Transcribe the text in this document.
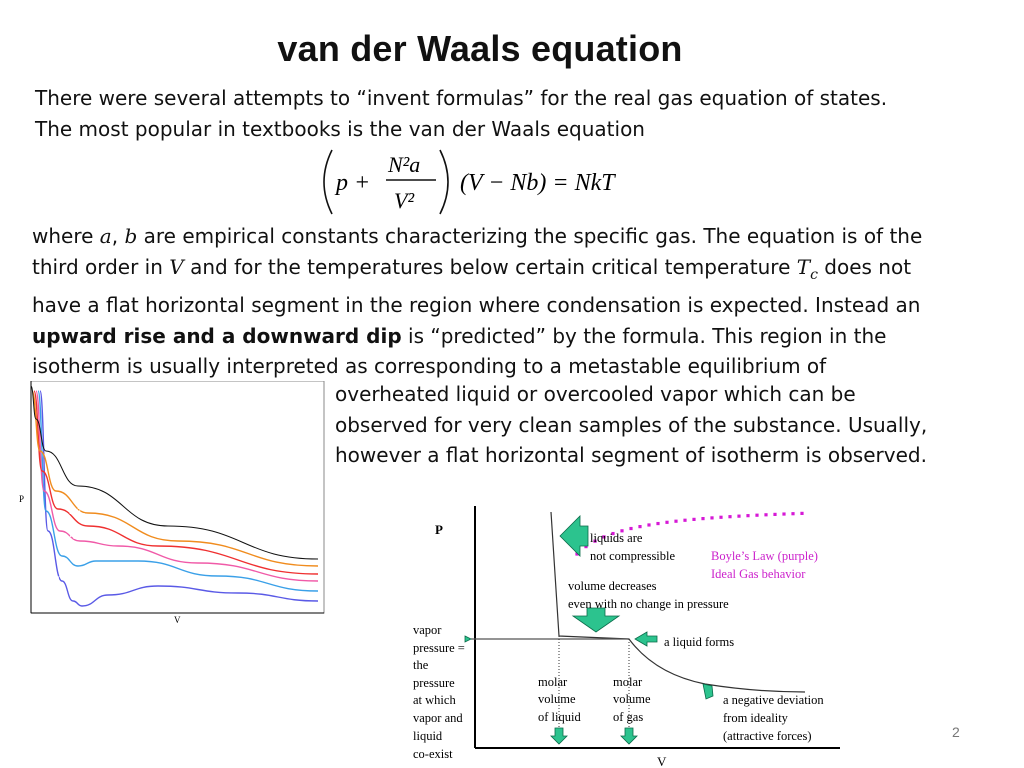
van der Waals equation
There were several attempts to “invent formulas” for the real gas equation of states.
The most popular in textbooks is the van der Waals equation
p +
N²a
V²
(V − Nb) = NkT
where a, b are empirical constants characterizing the specific gas. The equation is of the
third order in V and for the temperatures below certain critical temperature $T_c$ does not
have a flat horizontal segment in the region where condensation is expected. Instead an
upward rise and a downward dip is “predicted” by the formula. This region in the
isotherm is usually interpreted as corresponding to a metastable equilibrium of
overheated liquid or overcooled vapor which can be
observed for very clean samples of the substance. Usually,
however a flat horizontal segment of isotherm is observed.
P
V
$T>T_c$
$T_c$
$T<T_c$
P
V
liquids are
not compressible	Boyle’s Law (purple)
Ideal Gas behavior
volume decreases
even with no change in pressure
a liquid forms
vapor
pressure =
the
pressure
at which
vapor and
liquid
co-exist
molar
volume
of liquid
molar
volume
of gas
a negative deviation
from ideality
(attractive forces)	2
